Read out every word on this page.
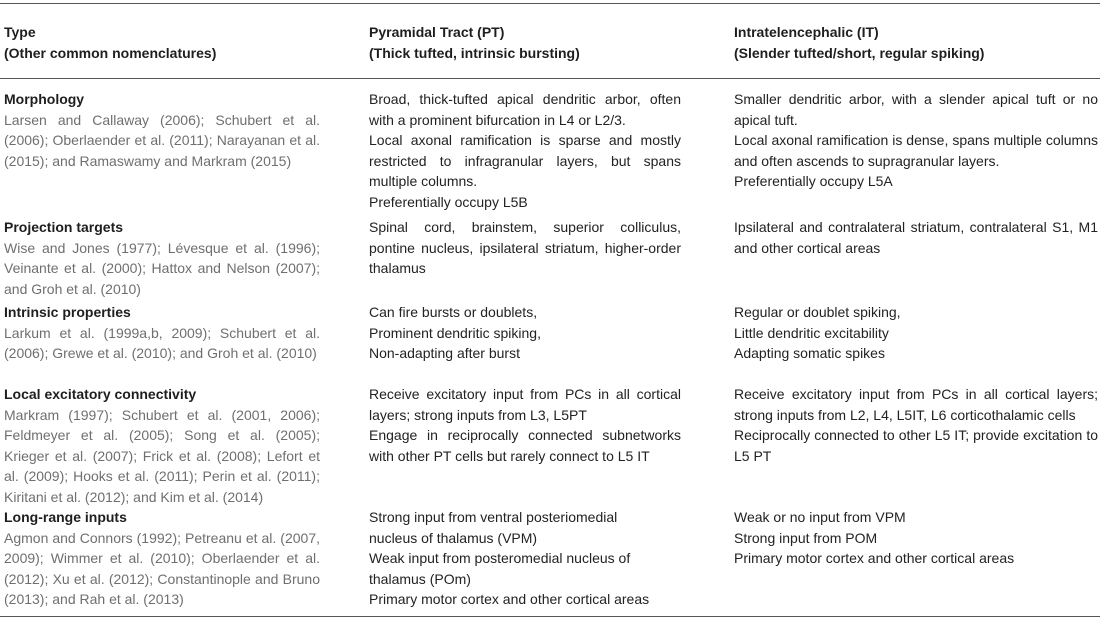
Type
(Other common nomenclatures)
Pyramidal Tract (PT)
(Thick tufted, intrinsic bursting)
Intratelencephalic (IT)
(Slender tufted/short, regular spiking)
Morphology
Larsen and Callaway (2006); Schubert et al. (2006); Oberlaender et al. (2011); Narayanan et al. (2015); and Ramaswamy and Markram (2015)
Broad, thick-tufted apical dendritic arbor, often with a prominent bifurcation in L4 or L2/3.
Local axonal ramification is sparse and mostly restricted to infragranular layers, but spans multiple columns.
Preferentially occupy L5B
Smaller dendritic arbor, with a slender apical tuft or no apical tuft.
Local axonal ramification is dense, spans multiple columns and often ascends to supragranular layers.
Preferentially occupy L5A
Projection targets
Wise and Jones (1977); Lévesque et al. (1996); Veinante et al. (2000); Hattox and Nelson (2007); and Groh et al. (2010)
Spinal cord, brainstem, superior colliculus, pontine nucleus, ipsilateral striatum, higher-order thalamus
Ipsilateral and contralateral striatum, contralateral S1, M1 and other cortical areas
Intrinsic properties
Larkum et al. (1999a,b, 2009); Schubert et al. (2006); Grewe et al. (2010); and Groh et al. (2010)
Can fire bursts or doublets,
Prominent dendritic spiking,
Non-adapting after burst
Regular or doublet spiking,
Little dendritic excitability
Adapting somatic spikes
Local excitatory connectivity
Markram (1997); Schubert et al. (2001, 2006); Feldmeyer et al. (2005); Song et al. (2005); Krieger et al. (2007); Frick et al. (2008); Lefort et al. (2009); Hooks et al. (2011); Perin et al. (2011); Kiritani et al. (2012); and Kim et al. (2014)
Receive excitatory input from PCs in all cortical layers; strong inputs from L3, L5PT
Engage in reciprocally connected subnetworks with other PT cells but rarely connect to L5 IT
Receive excitatory input from PCs in all cortical layers; strong inputs from L2, L4, L5IT, L6 corticothalamic cells
Reciprocally connected to other L5 IT; provide excitation to L5 PT
Long-range inputs
Agmon and Connors (1992); Petreanu et al. (2007, 2009); Wimmer et al. (2010); Oberlaender et al. (2012); Xu et al. (2012); Constantinople and Bruno (2013); and Rah et al. (2013)
Strong input from ventral posteriomedial nucleus of thalamus (VPM)
Weak input from posteromedial nucleus of thalamus (POm)
Primary motor cortex and other cortical areas
Weak or no input from VPM
Strong input from POM
Primary motor cortex and other cortical areas
